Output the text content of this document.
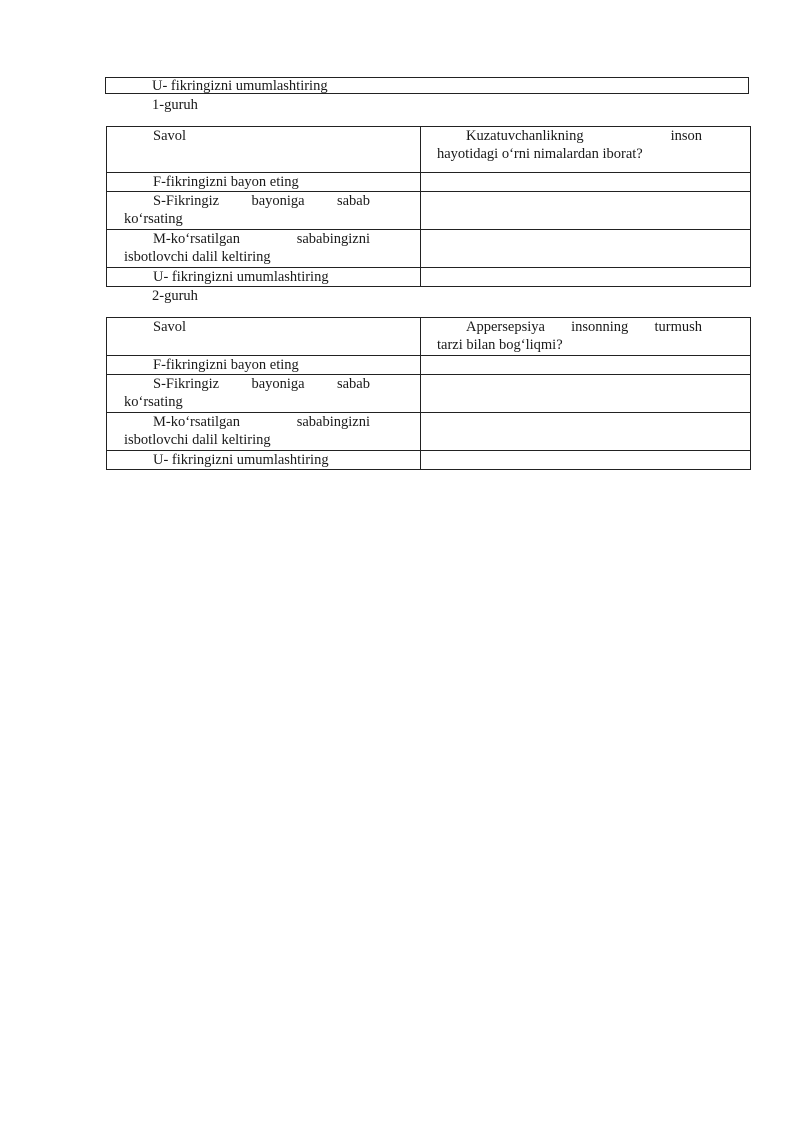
U- fikringizni umumlashtiring
1-guruh
Savol	Kuzatuvchanlikning inson
hayotidagi o‘rni nimalardan iborat?

F-fikringizni bayon eting	

S-Fikringiz bayoniga sabab ko‘rsating	

M-ko‘rsatilgan sababingizni isbotlovchi dalil keltiring	

U- fikringizni umumlashtiring	

2-guruh
Savol	Appersepsiya insonning turmush
tarzi bilan bog‘liqmi?

F-fikringizni bayon eting	

S-Fikringiz bayoniga sabab ko‘rsating	

M-ko‘rsatilgan sababingizni isbotlovchi dalil keltiring	

U- fikringizni umumlashtiring	
